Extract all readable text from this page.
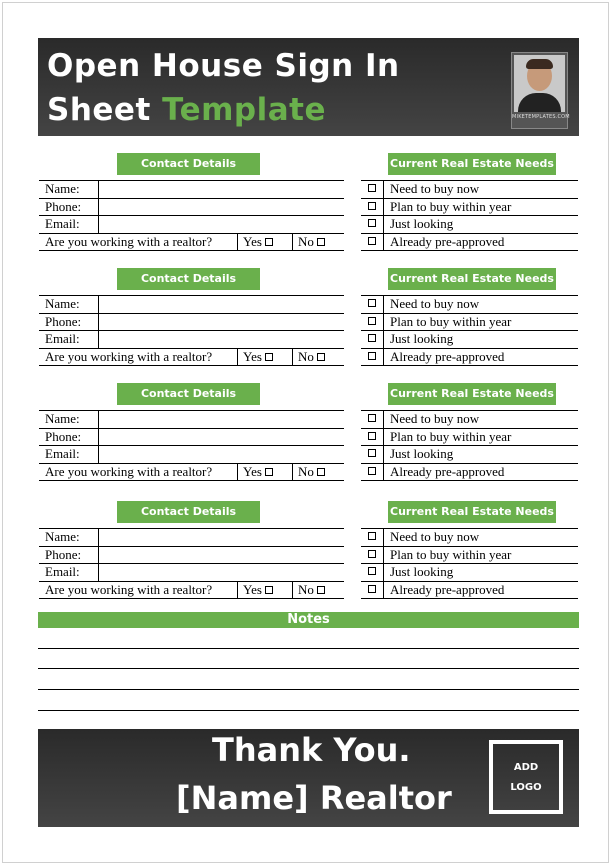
Open House Sign In
Sheet Template	MIKETEMPLATES.COM
Contact Details	Current Real Estate Needs
Name:
Phone:
Email:
Are you working with a realtor? Yes	No
Need to buy now
Plan to buy within year
Just looking
Already pre-approved
Contact Details	Current Real Estate Needs
Name:
Phone:
Email:
Are you working with a realtor? Yes	No
Need to buy now
Plan to buy within year
Just looking
Already pre-approved
Contact Details	Current Real Estate Needs
Name:
Phone:
Email:
Are you working with a realtor? Yes	No
Need to buy now
Plan to buy within year
Just looking
Already pre-approved
Contact Details	Current Real Estate Needs
Name:
Phone:
Email:
Are you working with a realtor? Yes	No
Need to buy now
Plan to buy within year
Just looking
Already pre-approved
Notes
Thank You.
[Name] Realtor
ADD
LOGO
